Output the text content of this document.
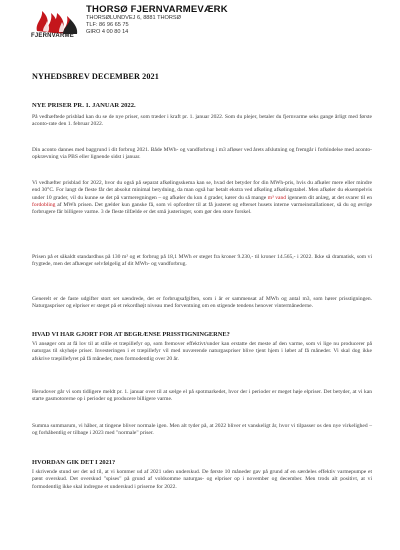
FJERNVARME
THORSØ FJERNVARMEVÆRK
THORSØLUNDVEJ 6, 8881 THORSØ
TLF: 86 96 65 75
GIRO 4 00 80 14
NYHEDSBREV DECEMBER 2021
NYE PRISER PR. 1. JANUAR 2022.

På vedhæftede prisblad kan du se de nye priser, som træder i kraft pr. 1. januar 2022. Som du plejer, betaler du fjernvarme seks gange årligt med første aconto-rate den 1. februar 2022.

Din aconto dannes med baggrund i dit forbrug 2021. Både MWh- og vandforbrug i m3 afløser ved årets afslutning og fremgår i forbindelse med aconto-opkrævning via PBS eller lignende sidst i januar.

Vi vedhæfter prisblad for 2022, hvor du også på separat afkølingsskema kan se, hvad det betyder for din MWh-pris, hvis du afkøler mere eller mindre end 30°C. For langt de fleste får det absolut minimal betydning, da man også har betalt ekstra ved afkøling afkølingstabel. Men afkøler du eksempelvis under 10 grader, vil du kunne se det på varmeregningen – og afkøler du kun 4 grader, kører du så mange m³ vand igennem dit anlæg, at det svarer til en fordobling af MWh prisen. Det gælder kun ganske få, som vi opfordrer til at få justeret og efterset husets interne varmeinstallationer, så du og øvrige forbrugere får billigere varme. 3 de fleste tilfælde er det små justeringer, som gør den store forskel.

Prisen på et såkaldt standardhus på 130 m² og et forbrug på 18,1 MWh er steget fra kroner 9.230,- til kroner 14.565,- i 2022. Ikke så dramatisk, som vi frygtede, men det afhænger selvfølgelig af dit MWh- og vandforbrug.

Generelt er de faste udgifter stort set uændrede, det er forbrugsafgiften, som i år er sammensat af MWh og antal m3, som hører prisstigningen. Naturgaspriser og elpriser er steget på et rekordhøjt niveau med forventning om en stigende tendens henover vintermånederne.

HVAD VI HAR GJORT FOR AT BEGRÆNSE PRISSTIGNINGERNE?

Vi ansøger om at få lov til at stille et træpillefyr op, som fremover effektivt/under kan erstatte det meste af den varme, som vi lige nu producerer på naturgas til skyhøje priser. Investeringen i et træpillefyr vil med nuværende naturgaspriser blive tjent hjem i løbet af få måneder. Vi skal dog ikke afskrive træpillefyret på få måneder, men formodentlig over 20 år.

Herudover går vi som tidligere meldt pr. 1. januar over til at sælge el på spotmarkedet, hvor der i perioder er meget høje elpriser. Det betyder, at vi kan starte gasmotorerne op i perioder og producere billigere varme.

Summa summarum, vi håber, at tingene bliver normale igen. Men alt tyder på, at 2022 bliver et vanskeligt år, hvor vi tilpasser os den nye virkelighed – og forhåbentlig er tilbage i 2023 med "normale" priser.

HVORDAN GIK DET I 2021?

I skrivende stund ser det ud til, at vi kommer ud af 2021 uden underskud. De første 10 måneder gav på grund af en særdeles effektiv varmepumpe et pænt overskud. Det overskud "spises" på grund af voldsomme naturgas- og elpriser op i november og december. Men trods alt positivt, at vi formodentlig ikke skal indregne et underskud i priserne for 2022.
